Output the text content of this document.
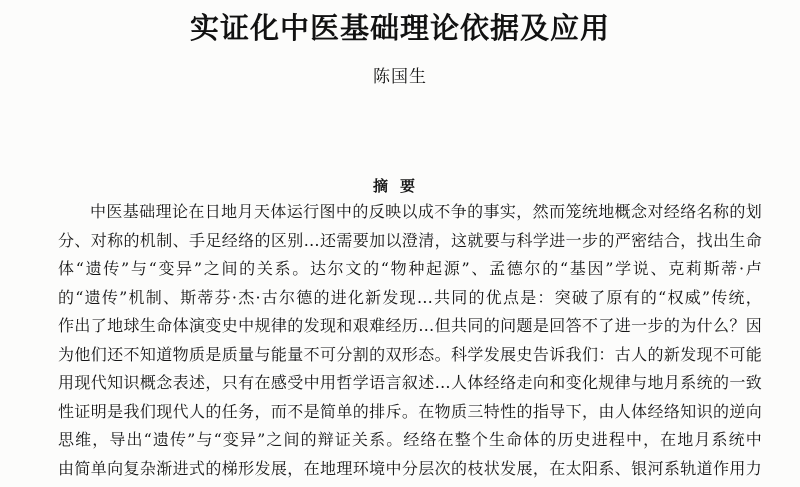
实证化中医基础理论依据及应用
陈国生
摘要
中医基础理论在日地月天体运行图中的反映以成不争的事实，然而笼统地概念对经络名称的划
分、对称的机制、手足经络的区别…还需要加以澄清，这就要与科学进一步的严密结合，找出生命
体“遗传”与“变异”之间的关系。达尔文的“物种起源”、孟德尔的“基因”学说、克莉斯蒂·卢
的“遗传”机制、斯蒂芬·杰·古尔德的进化新发现…共同的优点是：突破了原有的“权威”传统，
作出了地球生命体演变史中规律的发现和艰难经历…但共同的问题是回答不了进一步的为什么？因
为他们还不知道物质是质量与能量不可分割的双形态。科学发展史告诉我们：古人的新发现不可能
用现代知识概念表述，只有在感受中用哲学语言叙述…人体经络走向和变化规律与地月系统的一致
性证明是我们现代人的任务，而不是简单的排斥。在物质三特性的指导下，由人体经络知识的逆向
思维，导出“遗传”与“变异”之间的辩证关系。经络在整个生命体的历史进程中，在地月系统中
由简单向复杂渐进式的梯形发展，在地理环境中分层次的枝状发展，在太阳系、银河系轨道作用力
